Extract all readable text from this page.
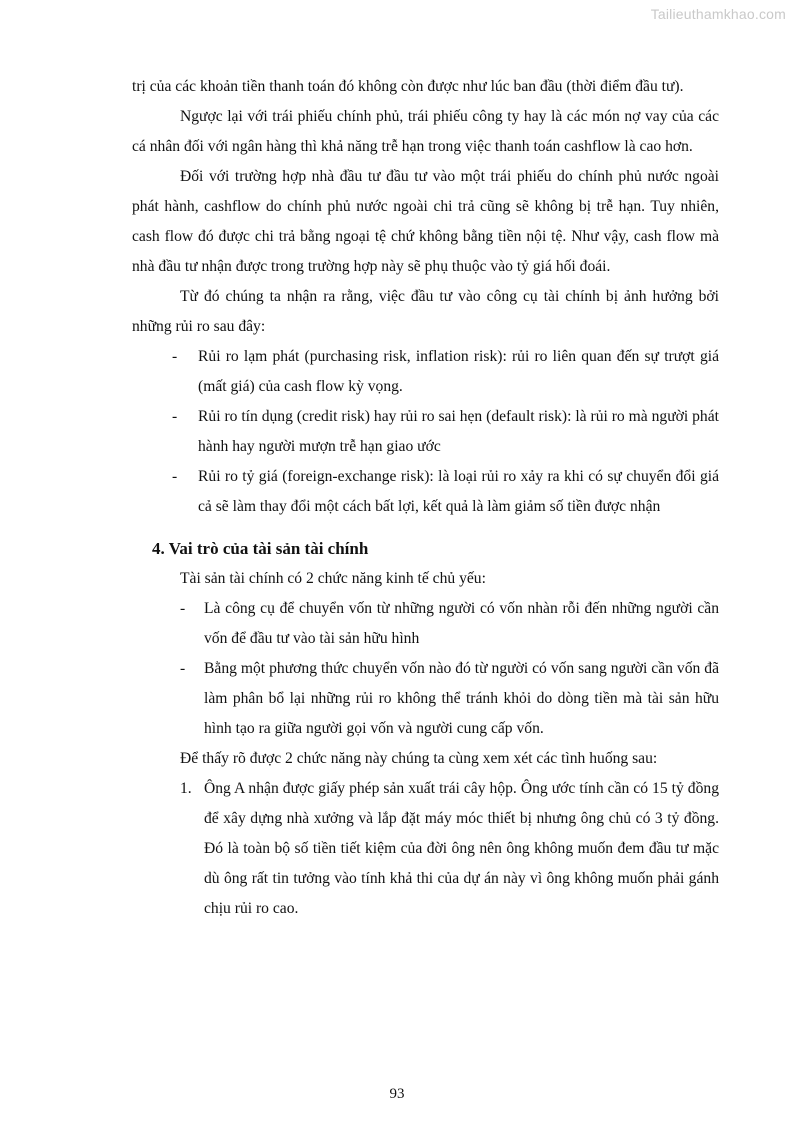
Tailieuthamkhao.com

trị của các khoản tiền thanh toán đó không còn được như lúc ban đầu (thời điểm đầu tư).

Ngược lại với trái phiếu chính phủ, trái phiếu công ty hay là các món nợ vay của các cá nhân đối với ngân hàng thì khả năng trễ hạn trong việc thanh toán cashflow là cao hơn.

Đối với trường hợp nhà đầu tư đầu tư vào một trái phiếu do chính phủ nước ngoài phát hành, cashflow do chính phủ nước ngoài chi trả cũng sẽ không bị trễ hạn. Tuy nhiên, cash flow đó được chi trả bằng ngoại tệ chứ không bằng tiền nội tệ. Như vậy, cash flow mà nhà đầu tư nhận được trong trường hợp này sẽ phụ thuộc vào tỷ giá hối đoái.

Từ đó chúng ta nhận ra rằng, việc đầu tư vào công cụ tài chính bị ảnh hưởng bởi những rủi ro sau đây:

-	Rủi ro lạm phát (purchasing risk, inflation risk): rủi ro liên quan đến sự trượt giá (mất giá) của cash flow kỳ vọng.
-	Rủi ro tín dụng (credit risk) hay rủi ro sai hẹn (default risk): là rủi ro mà người phát hành hay người mượn trễ hạn giao ước
-	Rủi ro tỷ giá (foreign-exchange risk): là loại rủi ro xảy ra khi có sự chuyển đổi giá cả sẽ làm thay đổi một cách bất lợi, kết quả là làm giảm số tiền được nhận
4. Vai trò của tài sản tài chính

Tài sản tài chính có 2 chức năng kinh tế chủ yếu:

-	Là công cụ để chuyển vốn từ những người có vốn nhàn rỗi đến những người cần vốn để đầu tư vào tài sản hữu hình
-	Bằng một phương thức chuyển vốn nào đó từ người có vốn sang người cần vốn đã làm phân bổ lại những rủi ro không thể tránh khỏi do dòng tiền mà tài sản hữu hình tạo ra giữa người gọi vốn và người cung cấp vốn.

Để thấy rõ được 2 chức năng này chúng ta cùng xem xét các tình huống sau:

1. Ông A nhận được giấy phép sản xuất trái cây hộp. Ông ước tính cần có 15 tỷ đồng để xây dựng nhà xưởng và lắp đặt máy móc thiết bị nhưng ông chủ có 3 tỷ đồng. Đó là toàn bộ số tiền tiết kiệm của đời ông nên ông không muốn đem đầu tư mặc dù ông rất tin tưởng vào tính khả thi của dự án này vì ông không muốn phải gánh chịu rủi ro cao.
93
